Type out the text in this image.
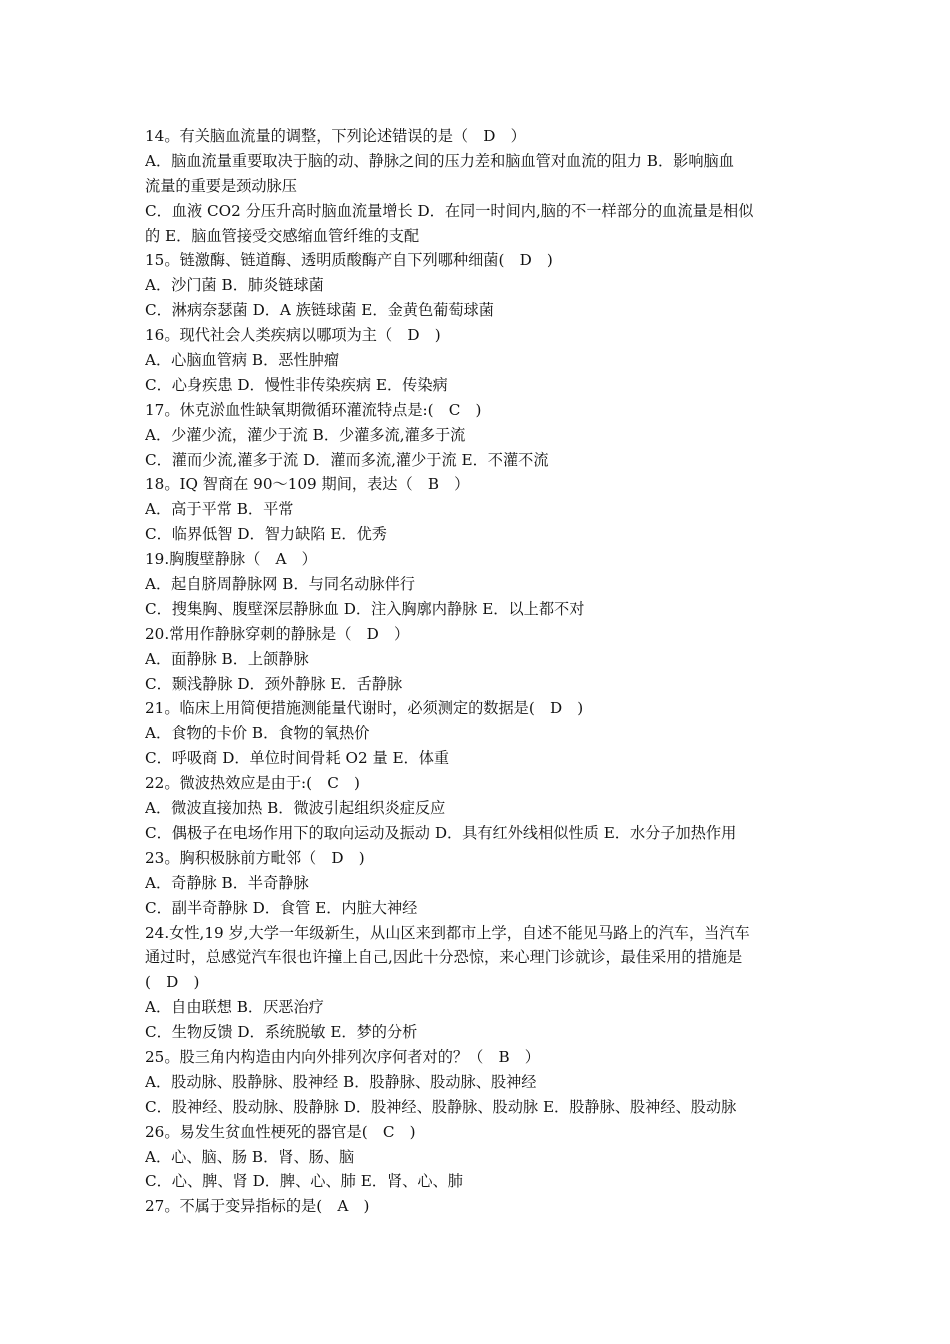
14。有关脑血流量的调整，下列论述错误的是（　D　）
A．脑血流量重要取决于脑的动、静脉之间的压力差和脑血管对血流的阻力 B．影响脑血
流量的重要是颈动脉压
C．血液 CO2 分压升高时脑血流量增长 D．在同一时间内,脑的不一样部分的血流量是相似
的 E．脑血管接受交感缩血管纤维的支配
15。链激酶、链道酶、透明质酸酶产自下列哪种细菌(　D　)
A．沙门菌 B．肺炎链球菌
C．淋病奈瑟菌 D．A 族链球菌 E．金黄色葡萄球菌
16。现代社会人类疾病以哪项为主（　D　)
A．心脑血管病 B．恶性肿瘤
C．心身疾患 D．慢性非传染疾病 E．传染病
17。休克淤血性缺氧期微循环灌流特点是:(　C　)
A．少灌少流，灌少于流 B．少灌多流,灌多于流
C．灌而少流,灌多于流 D．灌而多流,灌少于流 E．不灌不流
18。IQ 智商在 90～109 期间，表达（　B　）
A．高于平常 B．平常
C．临界低智 D．智力缺陷 E．优秀
19.胸腹壁静脉（　A　）
A．起自脐周静脉网 B．与同名动脉伴行
C．搜集胸、腹壁深层静脉血 D．注入胸廓内静脉 E．以上都不对
20.常用作静脉穿刺的静脉是（　D　）
A．面静脉 B．上颌静脉
C．颞浅静脉 D．颈外静脉 E．舌静脉
21。临床上用简便措施测能量代谢时，必须测定的数据是(　D　)
A．食物的卡价 B．食物的氧热价
C．呼吸商 D．单位时间骨耗 O2 量 E．体重
22。微波热效应是由于:(　C　)
A．微波直接加热 B．微波引起组织炎症反应
C．偶极子在电场作用下的取向运动及振动 D．具有红外线相似性质 E．水分子加热作用
23。胸积极脉前方毗邻（　D　)
A．奇静脉 B．半奇静脉
C．副半奇静脉 D．食管 E．内脏大神经
24.女性,19 岁,大学一年级新生，从山区来到都市上学，自述不能见马路上的汽车，当汽车
通过时，总感觉汽车很也许撞上自己,因此十分恐惊，来心理门诊就诊，最佳采用的措施是
(　D　)
A．自由联想 B．厌恶治疗
C．生物反馈 D．系统脱敏 E．梦的分析
25。股三角内构造由内向外排列次序何者对的？（　B　）
A．股动脉、股静脉、股神经 B．股静脉、股动脉、股神经
C．股神经、股动脉、股静脉 D．股神经、股静脉、股动脉 E．股静脉、股神经、股动脉
26。易发生贫血性梗死的器官是(　C　)
A．心、脑、肠 B．肾、肠、脑
C．心、脾、肾 D．脾、心、肺 E．肾、心、肺
27。不属于变异指标的是(　A　)
